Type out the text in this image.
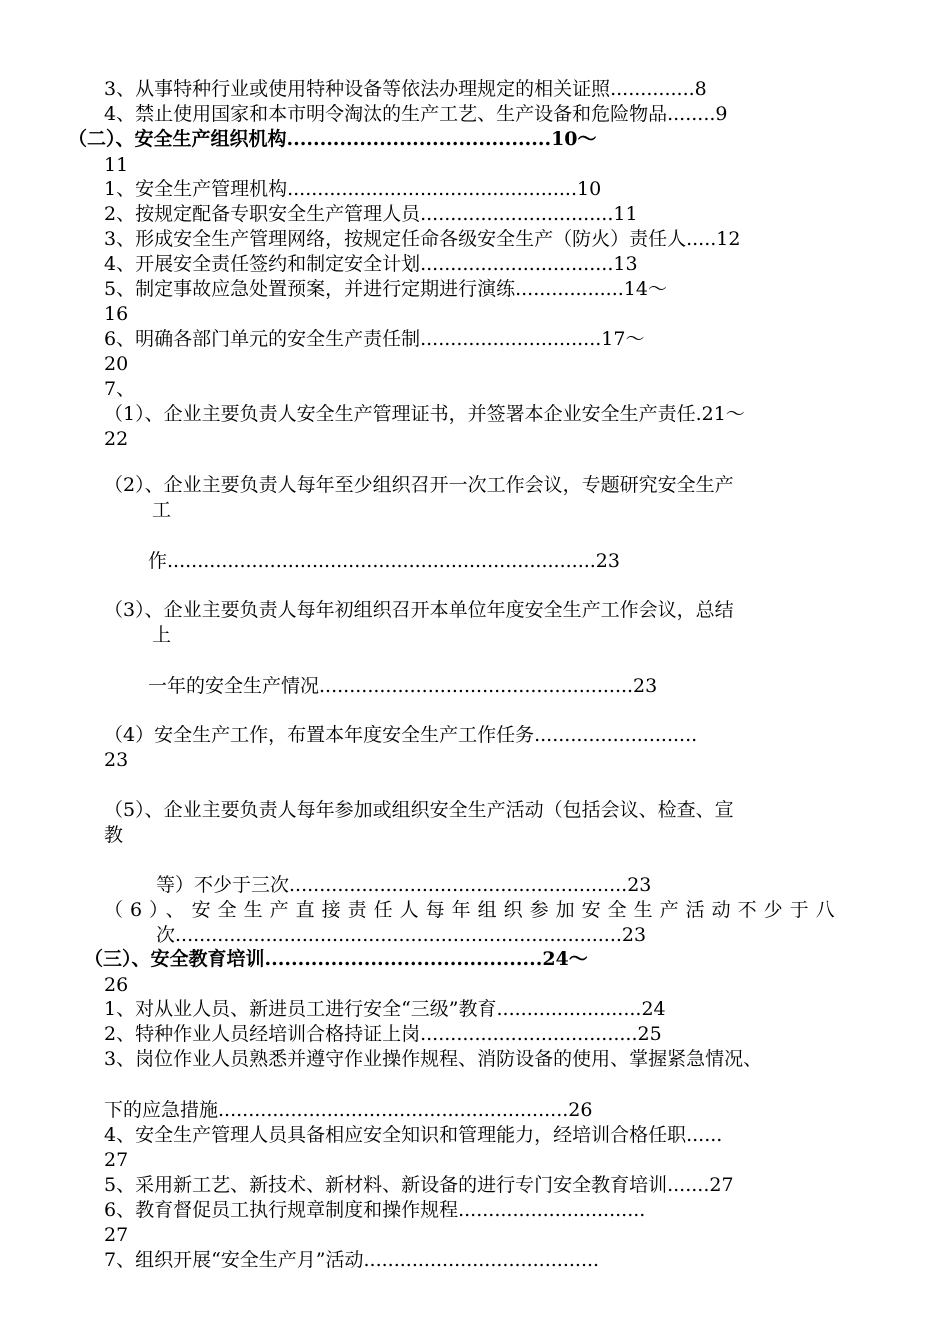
3、从事特种行业或使用特种设备等依法办理规定的相关证照..............8
4、禁止使用国家和本市明令淘汰的生产工艺、生产设备和危险物品........9
（二）、安全生产组织机构........................................10～
11
1、安全生产管理机构................................................10
2、按规定配备专职安全生产管理人员................................11
3、形成安全生产管理网络，按规定任命各级安全生产（防火）责任人.....12
4、开展安全责任签约和制定安全计划................................13
5、制定事故应急处置预案，并进行定期进行演练..................14～
16
6、明确各部门单元的安全生产责任制..............................17～
20
7、
（1）、企业主要负责人安全生产管理证书，并签署本企业安全生产责任.21～
22
（2）、企业主要负责人每年至少组织召开一次工作会议，专题研究安全生产
工
作.......................................................................23
（3）、企业主要负责人每年初组织召开本单位年度安全生产工作会议，总结
上
一年的安全生产情况....................................................23
（4）安全生产工作，布置本年度安全生产工作任务...........................
23
（5）、企业主要负责人每年参加或组织安全生产活动（包括会议、检查、宣
教
等）不少于三次........................................................23
（6）、安全生产直接责任人每年组织参加安全生产活动不少于八
次..........................................................................23
（三）、安全教育培训..........................................24～
26
1、对从业人员、新进员工进行安全“三级”教育........................24
2、特种作业人员经培训合格持证上岗....................................25
3、岗位作业人员熟悉并遵守作业操作规程、消防设备的使用、掌握紧急情况、
下的应急措施..........................................................26
4、安全生产管理人员具备相应安全知识和管理能力，经培训合格任职......
27
5、采用新工艺、新技术、新材料、新设备的进行专门安全教育培训.......27
6、教育督促员工执行规章制度和操作规程...............................
27
7、组织开展“安全生产月”活动.......................................
